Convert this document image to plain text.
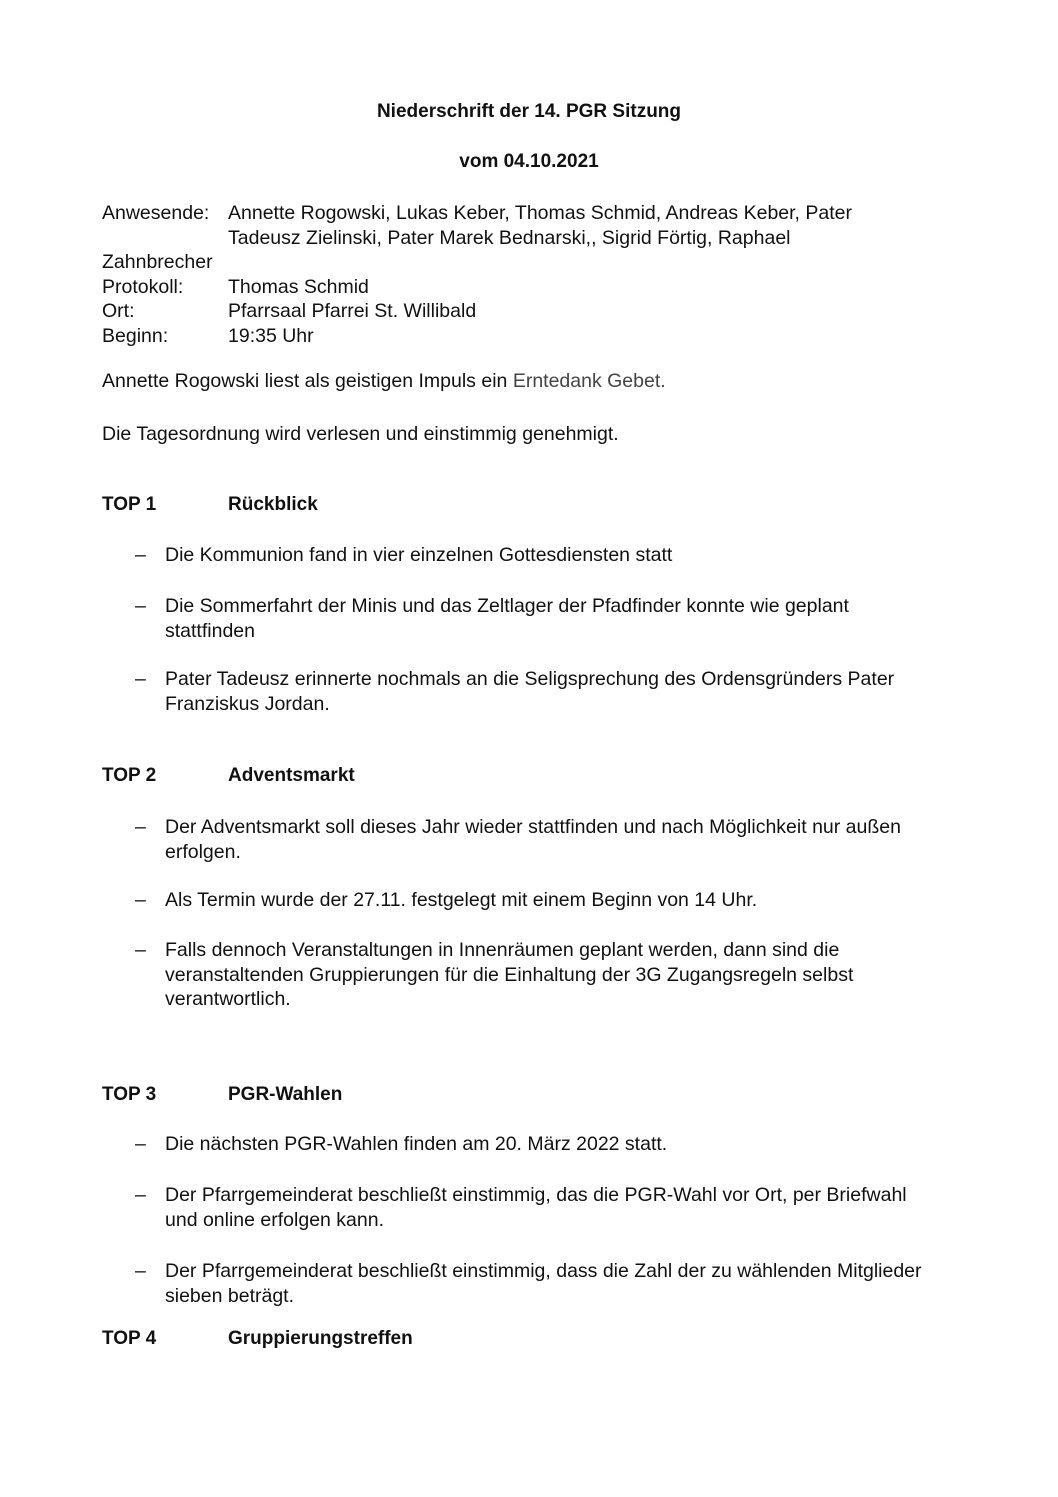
Niederschrift der 14. PGR Sitzung
vom 04.10.2021
Anwesende: Annette Rogowski, Lukas Keber, Thomas Schmid, Andreas Keber, Pater
Tadeusz Zielinski, Pater Marek Bednarski,, Sigrid Förtig, Raphael
Zahnbrecher
Protokoll:	Thomas Schmid
Ort:	Pfarrsaal Pfarrei St. Willibald
Beginn:	19:35 Uhr
Annette Rogowski liest als geistigen Impuls ein Erntedank Gebet.
Die Tagesordnung wird verlesen und einstimmig genehmigt.
TOP 1	Rückblick
– Die Kommunion fand in vier einzelnen Gottesdiensten statt
– Die Sommerfahrt der Minis und das Zeltlager der Pfadfinder konnte wie geplant stattfinden
– Pater Tadeusz erinnerte nochmals an die Seligsprechung des Ordensgründers Pater Franziskus Jordan.
TOP 2	Adventsmarkt
– Der Adventsmarkt soll dieses Jahr wieder stattfinden und nach Möglichkeit nur außen erfolgen.
– Als Termin wurde der 27.11. festgelegt mit einem Beginn von 14 Uhr.
– Falls dennoch Veranstaltungen in Innenräumen geplant werden, dann sind die veranstaltenden Gruppierungen für die Einhaltung der 3G Zugangsregeln selbst verantwortlich.
TOP 3	PGR-Wahlen
– Die nächsten PGR-Wahlen finden am 20. März 2022 statt.
– Der Pfarrgemeinderat beschließt einstimmig, das die PGR-Wahl vor Ort, per Briefwahl und online erfolgen kann.
– Der Pfarrgemeinderat beschließt einstimmig, dass die Zahl der zu wählenden Mitglieder sieben beträgt.
TOP 4	Gruppierungstreffen
